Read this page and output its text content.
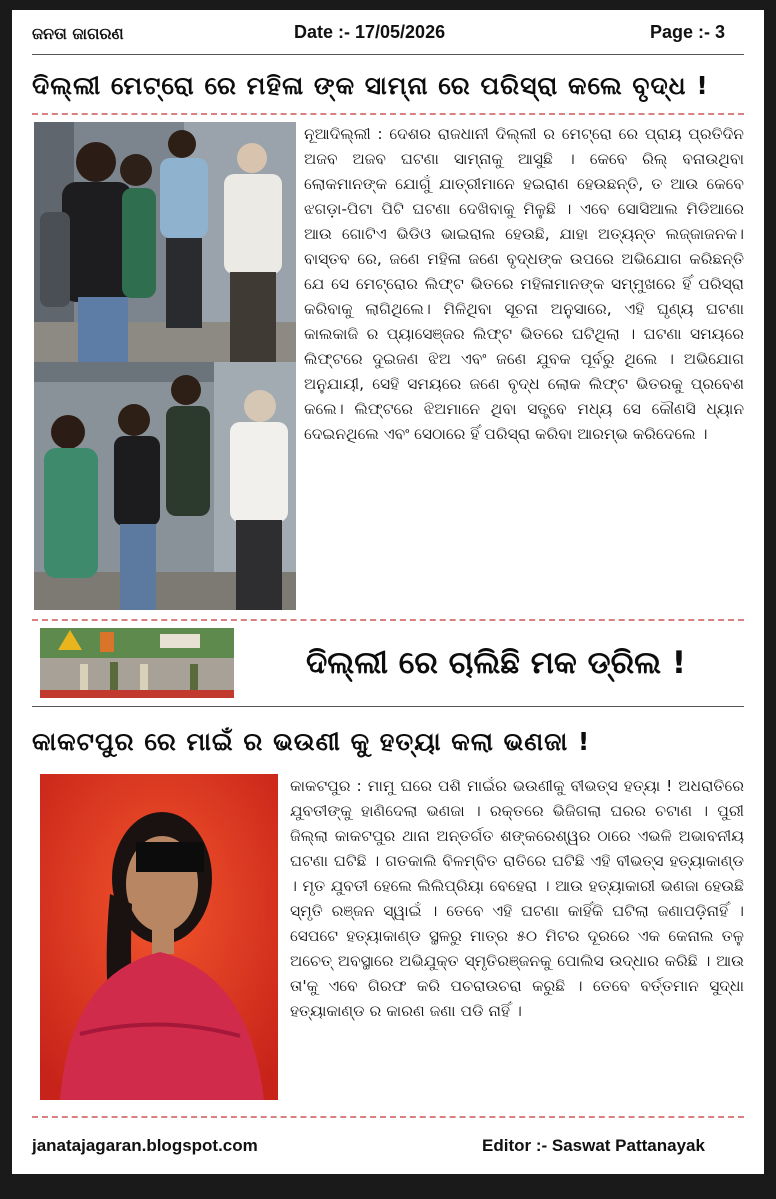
ଜନତା ଜାଗରଣ	Date :- 17/05/2026	Page :- 3
ଦିଲ୍ଲୀ ମେଟ୍ରୋ ରେ ମହିଳା ଙ୍କ ସାମ୍ନା ରେ ପରିସ୍ରା କଲେ ବୃଦ୍ଧ !
ନୂଆଦିଲ୍ଲୀ : ଦେଶର ରାଜଧାନୀ ଦିଲ୍ଲୀ ର ମେଟ୍ରୋ ରେ ପ୍ରାୟ ପ୍ରତିଦିନ ଅଜବ ଅଜବ ଘଟଣା ସାମ୍ନାକୁ ଆସୁଛି । କେବେ ରିଲ୍ ବନାଉଥିବା ଲୋକମାନଙ୍କ ଯୋଗୁଁ ଯାତ୍ରୀମାନେ ହଇରାଣ ହେଉଛନ୍ତି, ତ ଆଉ କେବେ ଝଗଡ଼ା-ପିଟା ପିଟି ଘଟଣା ଦେଖିବାକୁ ମିଳୁଛି । ଏବେ ସୋସିଆଲ ମିଡିଆରେ ଆଉ ଗୋଟିଏ ଭିଡିଓ ଭାଇରାଲ ହେଉଛି, ଯାହା ଅତ୍ୟନ୍ତ ଲଜ୍ଜାଜନକ। ବାସ୍ତବ ରେ, ଜଣେ ମହିଳା ଜଣେ ବୃଦ୍ଧଙ୍କ ଉପରେ ଅଭିଯୋଗ କରିଛନ୍ତି ଯେ ସେ ମେଟ୍ରୋର ଲିଫ୍ଟ ଭିତରେ ମହିଳାମାନଙ୍କ ସମ୍ମୁଖରେ ହିଁ ପରିସ୍ରା କରିବାକୁ ଲାଗିଥିଲେ। ମିଳିଥିବା ସୂଚନା ଅନୁସାରେ, ଏହି ଘୃଣ୍ୟ ଘଟଣା କାଲକାଜି ର ପ୍ୟାସେଞ୍ଜର ଲିଫ୍ଟ ଭିତରେ ଘଟିଥିଲା । ଘଟଣା ସମୟରେ ଲିଫ୍ଟରେ ଦୁଇଜଣ ଝିଅ ଏବଂ ଜଣେ ଯୁବକ ପୂର୍ବରୁ ଥିଲେ । ଅଭିଯୋଗ ଅନୁଯାୟୀ, ସେହି ସମୟରେ ଜଣେ ବୃଦ୍ଧ ଲୋକ ଲିଫ୍ଟ ଭିତରକୁ ପ୍ରବେଶ କଲେ। ଲିଫ୍ଟରେ ଝିଅମାନେ ଥିବା ସତ୍ତ୍ବେ ମଧ୍ୟ ସେ କୌଣସି ଧ୍ୟାନ ଦେଇନଥିଲେ ଏବଂ ସେଠାରେ ହିଁ ପରିସ୍ରା କରିବା ଆରମ୍ଭ କରିଦେଲେ ।
ଦିଲ୍ଲୀ ରେ ଚାଲିଛି ମକ ଡ୍ରିଲ !
କାକଟପୁର ରେ ମାଇଁ ର ଭଉଣୀ କୁ ହତ୍ୟା କଲା ଭଣଜା !
କାକଟପୁର : ମାମୁ ଘରେ ପଶି ମାଇଁର ଭଉଣୀକୁ ବୀଭତ୍ସ ହତ୍ୟା ! ଅଧରାତିରେ ଯୁବତୀଙ୍କୁ ହାଣିଦେଲା ଭଣଜା । ରକ୍ତରେ ଭିଜିଗଲା ଘରର ଚଟାଣ । ପୁରୀ ଜିଲ୍ଲା କାକଟପୁର ଥାନା ଅନ୍ତର୍ଗତ ଶଙ୍କରେଶ୍ୱର ଠାରେ ଏଭଳି ଅଭାବନୀୟ ଘଟଣା ଘଟିଛି । ଗତକାଲି ବିଳମ୍ବିତ ରାତିରେ ଘଟିଛି ଏହି ବୀଭତ୍ସ ହତ୍ୟାକାଣ୍ଡ । ମୃତ ଯୁବତୀ ହେଲେ ଲିଲିପ୍ରିୟା ବେହେରା । ଆଉ ହତ୍ୟାକାରୀ ଭଣଜା ହେଉଛି ସ୍ମୃତି ରଞ୍ଜନ ସ୍ୱାଇଁ । ତେବେ ଏହି ଘଟଣା କାହିଁକି ଘଟିଲା ଜଣାପଡ଼ିନାହିଁ । ସେପଟେ ହତ୍ୟାକାଣ୍ଡ ସ୍ଥଳରୁ ମାତ୍ର ୫୦ ମିଟର ଦୂରରେ ଏକ କେନାଲ ତଳୁ ଅଚେତ୍ ଅବସ୍ଥାରେ ଅଭିଯୁକ୍ତ ସ୍ମୃତିରଞ୍ଜନକୁ ପୋଲିସ ଉଦ୍ଧାର କରିଛି । ଆଉ ତା'କୁ ଏବେ ଗିରଫ କରି ପଚରାଉଚରା କରୁଛି । ତେବେ ବର୍ତ୍ତମାନ ସୁଦ୍ଧା ହତ୍ୟାକାଣ୍ଡ ର କାରଣ ଜଣା ପଡି ନାହିଁ ।
janatajagaran.blogspot.com	Editor :- Saswat Pattanayak
